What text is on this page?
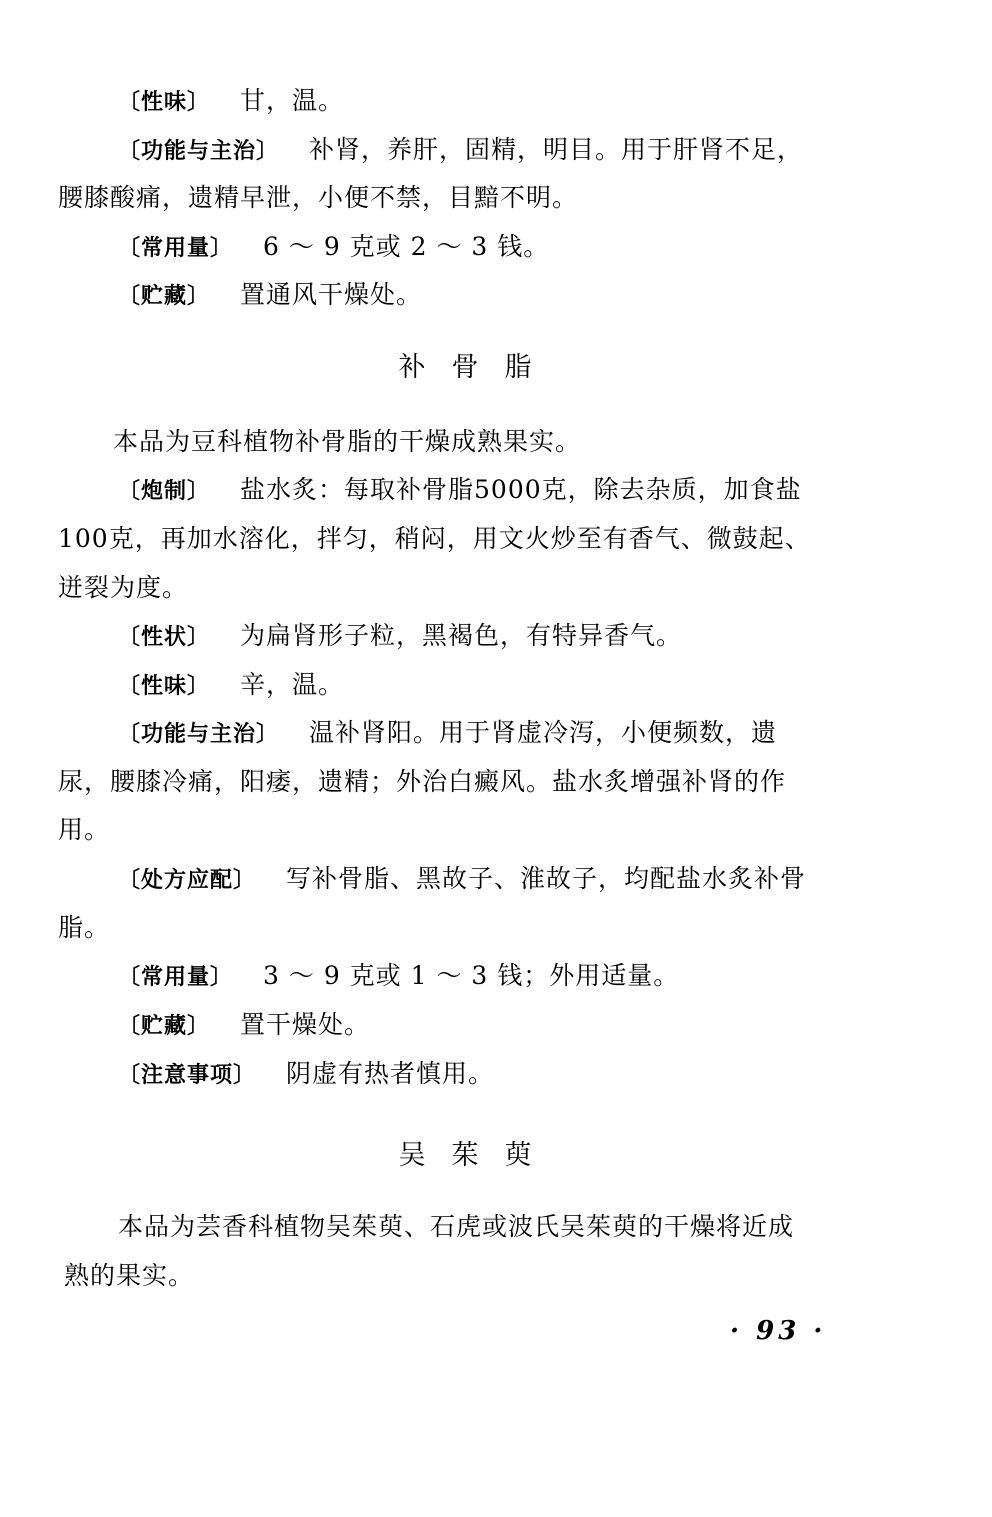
〔性味〕 甘，温。
〔功能与主治〕 补肾，养肝，固精，明目。用于肝肾不足，
腰膝酸痛，遗精早泄，小便不禁，目黯不明。
〔常用量〕 6 ～ 9 克或 2 ～ 3 钱。
〔贮藏〕 置通风干燥处。
补骨脂
本品为豆科植物补骨脂的干燥成熟果实。
〔炮制〕 盐水炙：每取补骨脂5000克，除去杂质，加食盐
100克，再加水溶化，拌匀，稍闷，用文火炒至有香气、微鼓起、
迸裂为度。
〔性状〕 为扁肾形子粒，黑褐色，有特异香气。
〔性味〕 辛，温。
〔功能与主治〕 温补肾阳。用于肾虚冷泻，小便频数，遗
尿，腰膝冷痛，阳痿，遗精；外治白癜风。盐水炙增强补肾的作
用。
〔处方应配〕 写补骨脂、黑故子、淮故子，均配盐水炙补骨
脂。
〔常用量〕 3 ～ 9 克或 1 ～ 3 钱；外用适量。
〔贮藏〕 置干燥处。
〔注意事项〕 阴虚有热者慎用。
吴茱萸
本品为芸香科植物吴茱萸、石虎或波氏吴茱萸的干燥将近成
熟的果实。
· 93 ·
